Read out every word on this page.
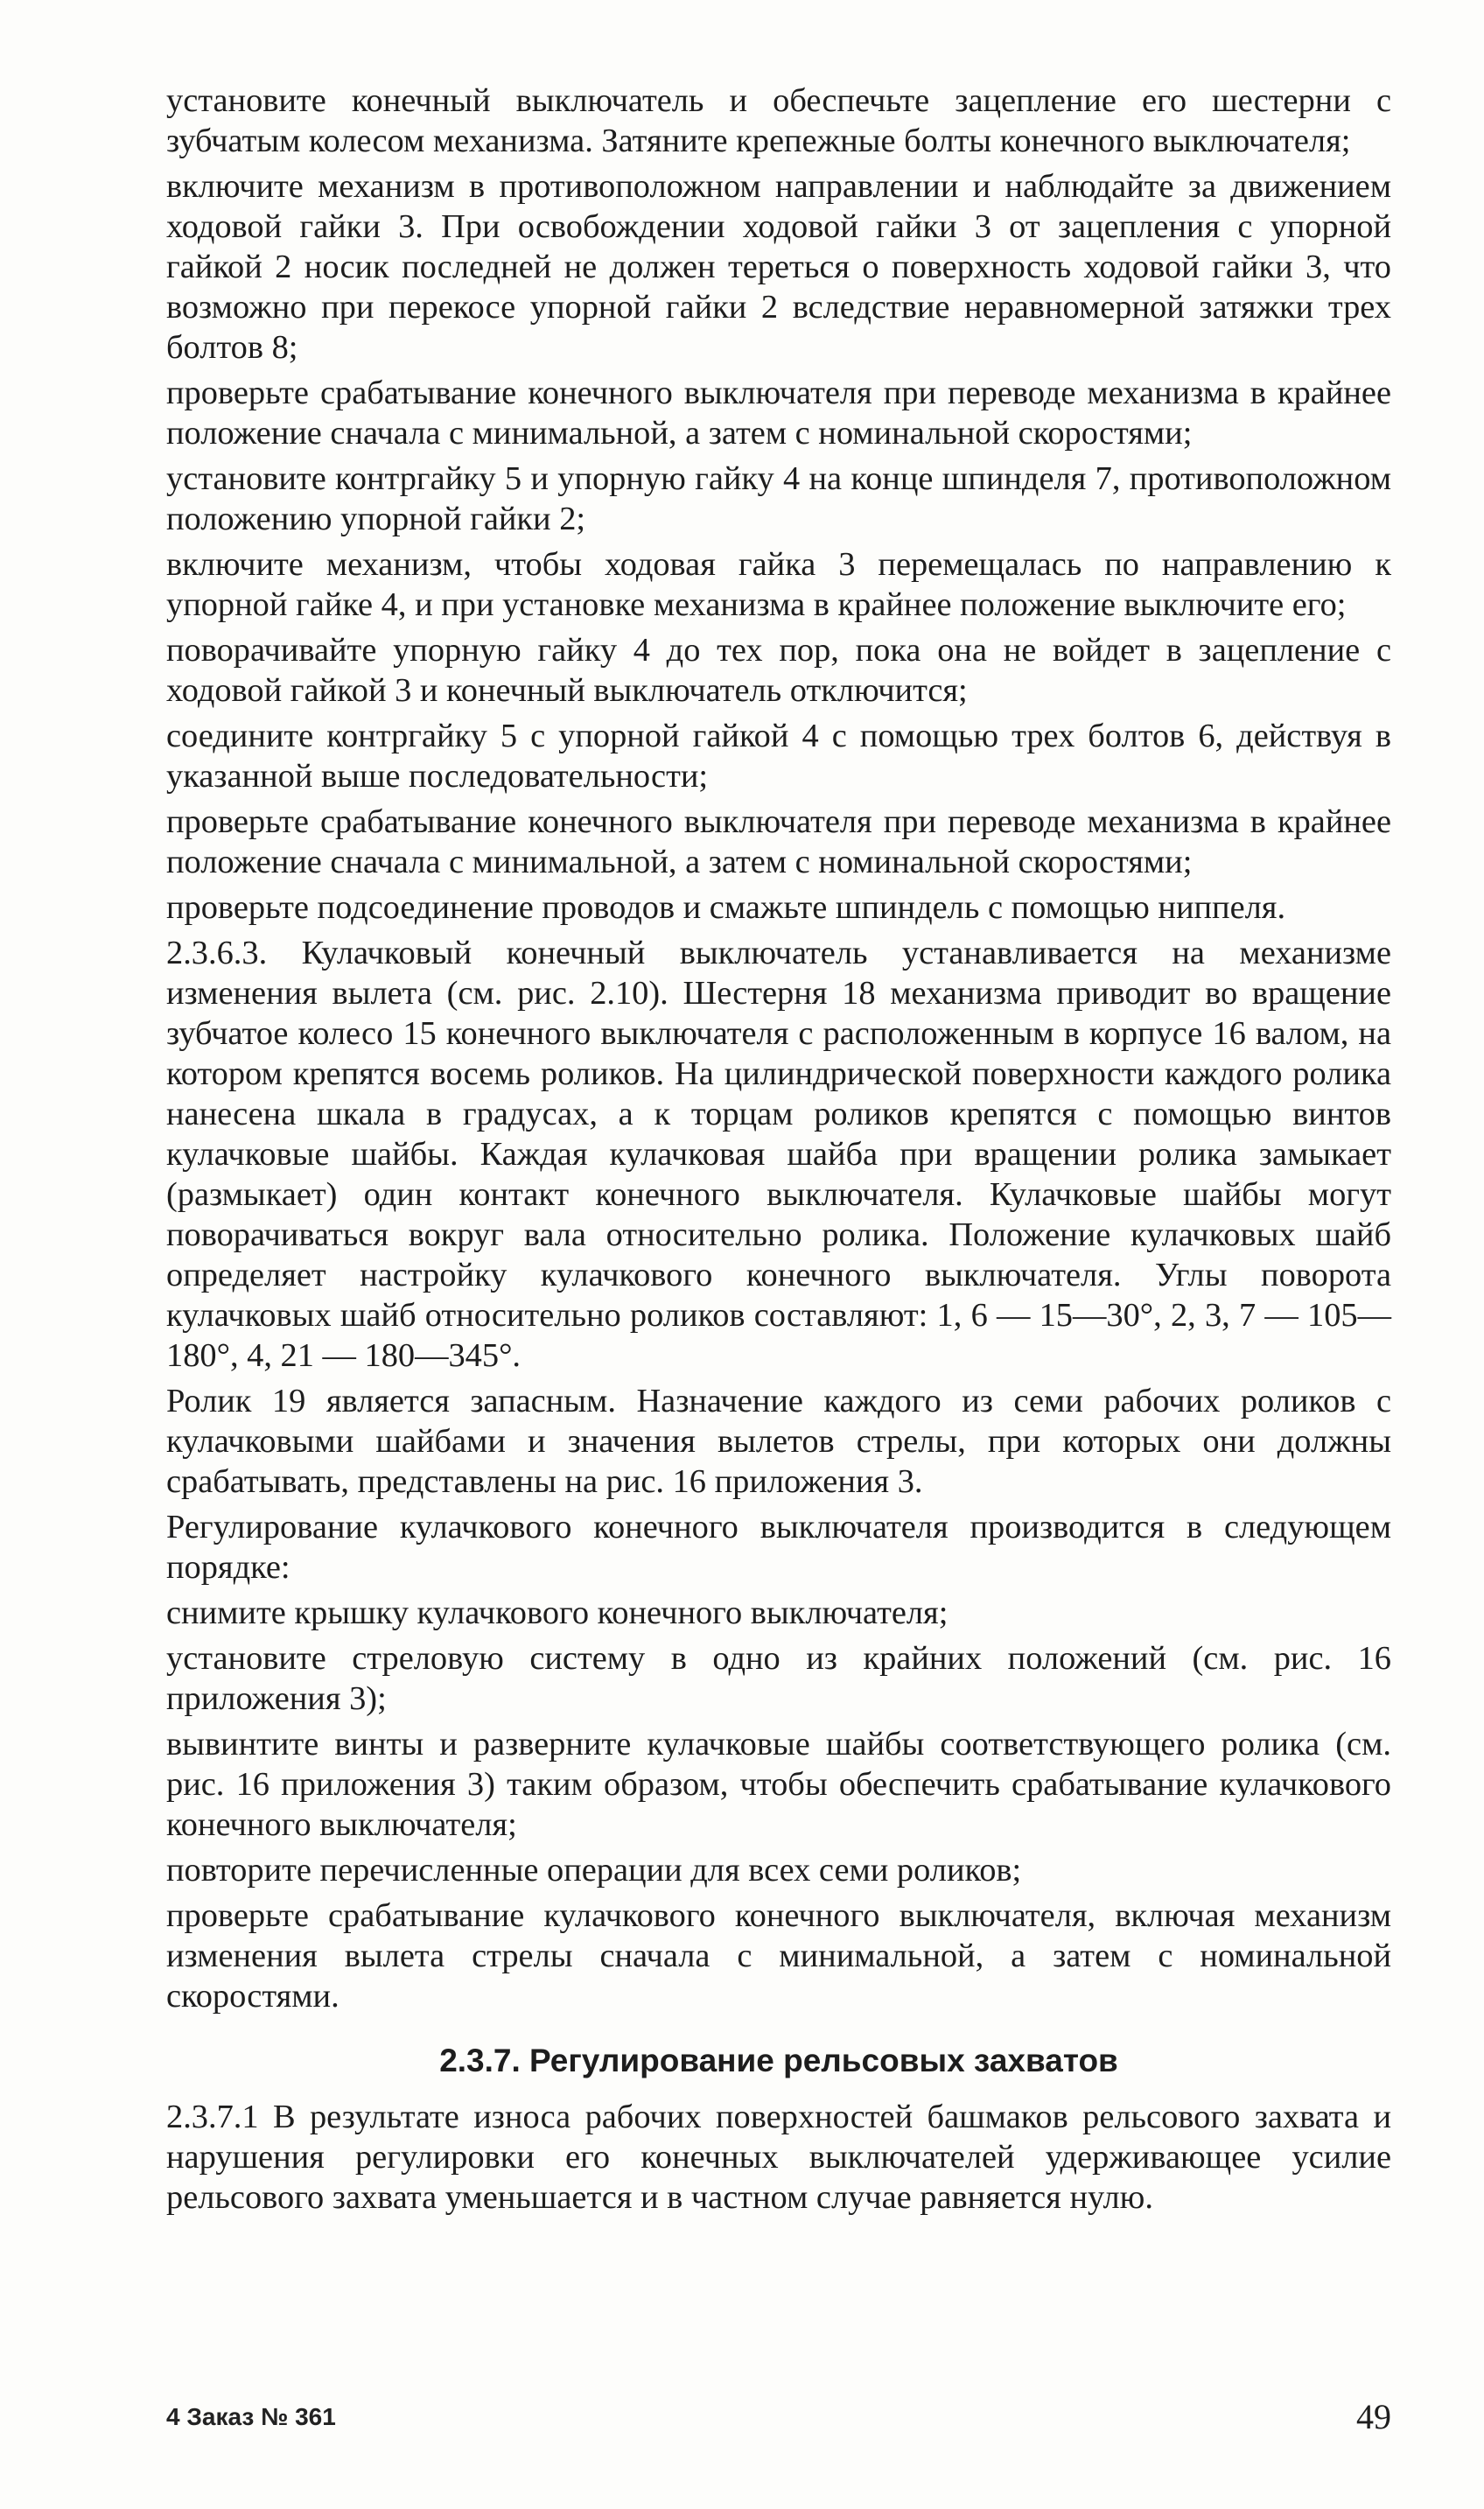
установите конечный выключатель и обеспечьте зацепление его шестерни с зубчатым колесом механизма. Затяните крепежные болты конечного выключателя;

включите механизм в противоположном направлении и наблюдайте за движением ходовой гайки 3. При освобождении ходовой гайки 3 от зацепления с упорной гайкой 2 носик последней не должен тереться о поверхность ходовой гайки 3, что возможно при перекосе упорной гайки 2 вследствие неравномерной затяжки трех болтов 8;

проверьте срабатывание конечного выключателя при переводе механизма в крайнее положение сначала с минимальной, а затем с номинальной скоростями;

установите контргайку 5 и упорную гайку 4 на конце шпинделя 7, противоположном положению упорной гайки 2;

включите механизм, чтобы ходовая гайка 3 перемещалась по направлению к упорной гайке 4, и при установке механизма в крайнее положение выключите его;

поворачивайте упорную гайку 4 до тех пор, пока она не войдет в зацепление с ходовой гайкой 3 и конечный выключатель отключится;

соедините контргайку 5 с упорной гайкой 4 с помощью трех болтов 6, действуя в указанной выше последовательности;

проверьте срабатывание конечного выключателя при переводе механизма в крайнее положение сначала с минимальной, а затем с номинальной скоростями;

проверьте подсоединение проводов и смажьте шпиндель с помощью ниппеля.

2.3.6.3. Кулачковый конечный выключатель устанавливается на механизме изменения вылета (см. рис. 2.10). Шестерня 18 механизма приводит во вращение зубчатое колесо 15 конечного выключателя с расположенным в корпусе 16 валом, на котором крепятся восемь роликов. На цилиндрической поверхности каждого ролика нанесена шкала в градусах, а к торцам роликов крепятся с помощью винтов кулачковые шайбы. Каждая кулачковая шайба при вращении ролика замыкает (размыкает) один контакт конечного выключателя. Кулачковые шайбы могут поворачиваться вокруг вала относительно ролика. Положение кулачковых шайб определяет настройку кулачкового конечного выключателя. Углы поворота кулачковых шайб относительно роликов составляют: 1, 6 — 15—30°, 2, 3, 7 — 105—180°, 4, 21 — 180—345°.

Ролик 19 является запасным. Назначение каждого из семи рабочих роликов с кулачковыми шайбами и значения вылетов стрелы, при которых они должны срабатывать, представлены на рис. 16 приложения 3.

Регулирование кулачкового конечного выключателя производится в следующем порядке:

снимите крышку кулачкового конечного выключателя;

установите стреловую систему в одно из крайних положений (см. рис. 16 приложения 3);

вывинтите винты и разверните кулачковые шайбы соответствующего ролика (см. рис. 16 приложения 3) таким образом, чтобы обеспечить срабатывание кулачкового конечного выключателя;

повторите перечисленные операции для всех семи роликов;

проверьте срабатывание кулачкового конечного выключателя, включая механизм изменения вылета стрелы сначала с минимальной, а затем с номинальной скоростями.

2.3.7. Регулирование рельсовых захватов

2.3.7.1 В результате износа рабочих поверхностей башмаков рельсового захвата и нарушения регулировки его конечных выключателей удерживающее усилие рельсового захвата уменьшается и в частном случае равняется нулю.

4 Заказ № 361	49
